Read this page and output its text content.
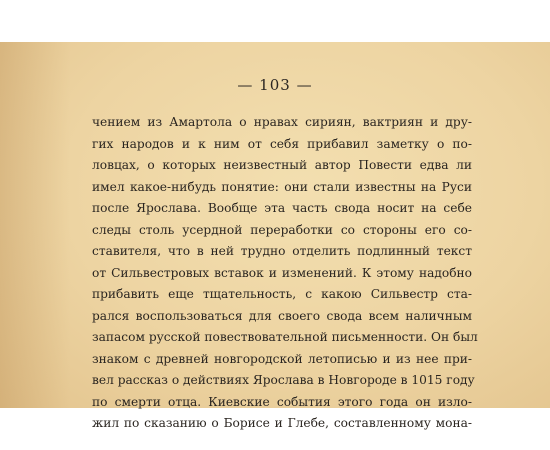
— 103 —
чением из Амартола о нравах сириян, вактриян и дру-
гих народов и к ним от себя прибавил заметку о по-
ловцах, о которых неизвестный автор Повести едва ли
имел какое-нибудь понятие: они стали известны на Руси
после Ярослава. Вообще эта часть свода носит на себе
следы столь усердной переработки со стороны его со-
ставителя, что в ней трудно отделить подлинный текст
от Сильвестровых вставок и изменений. К этому надобно
прибавить еще тщательность, с какою Сильвестр ста-
рался воспользоваться для своего свода всем наличным
запасом русской повествовательной письменности. Он был
знаком с древней новгородской летописью и из нее при-
вел рассказ о действиях Ярослава в Новгороде в 1015 году
по смерти отца. Киевские события этого года он изло-
жил по сказанию о Борисе и Глебе, составленному мона-
